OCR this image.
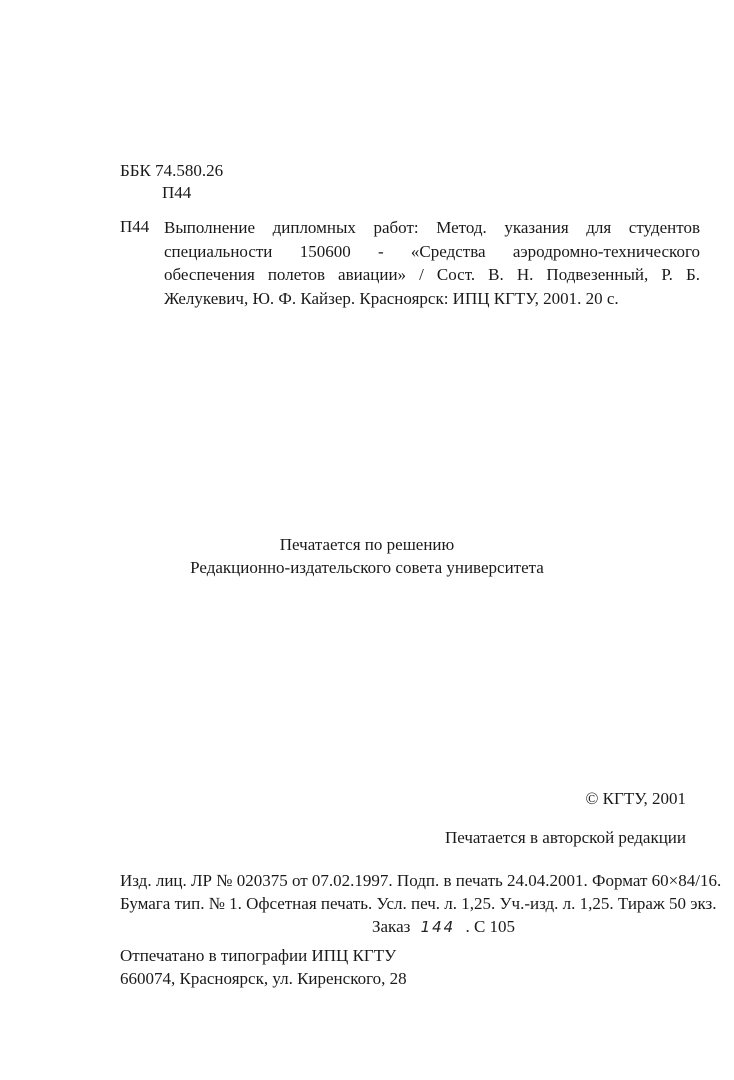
ББК 74.580.26
П44
П44 Выполнение дипломных работ: Метод. указания для студентов специальности 150600 - «Средства аэродромно-технического обеспечения полетов авиации» / Сост. В. Н. Подвезенный, Р. Б. Желукевич, Ю. Ф. Кайзер. Красноярск: ИПЦ КГТУ, 2001. 20 с.
Печатается по решению
Редакционно-издательского совета университета
© КГТУ, 2001
Печатается в авторской редакции
Изд. лиц. ЛР № 020375 от 07.02.1997. Подп. в печать 24.04.2001. Формат 60×84/16.
Бумага тип. № 1. Офсетная печать. Усл. печ. л. 1,25. Уч.-изд. л. 1,25. Тираж 50 экз.
Заказ 144 . С 105
Отпечатано в типографии ИПЦ КГТУ
660074, Красноярск, ул. Киренского, 28
